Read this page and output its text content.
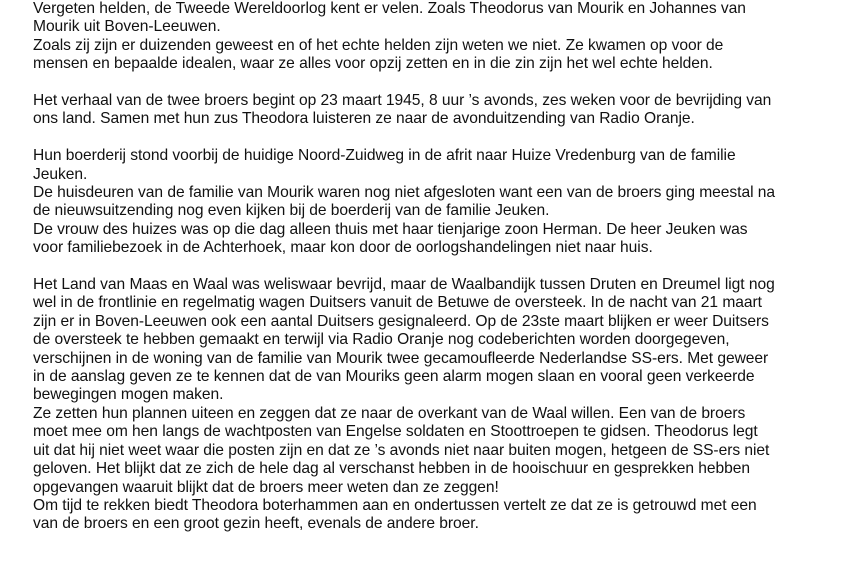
Vergeten helden, de Tweede Wereldoorlog kent er velen. Zoals Theodorus van Mourik en Johannes van
Mourik uit Boven-Leeuwen.
Zoals zij zijn er duizenden geweest en of het echte helden zijn weten we niet. Ze kwamen op voor de
mensen en bepaalde idealen, waar ze alles voor opzij zetten en in die zin zijn het wel echte helden.
Het verhaal van de twee broers begint op 23 maart 1945, 8 uur ’s avonds, zes weken voor de bevrijding van
ons land. Samen met hun zus Theodora luisteren ze naar de avonduitzending van Radio Oranje.
Hun boerderij stond voorbij de huidige Noord-Zuidweg in de afrit naar Huize Vredenburg van de familie
Jeuken.
De huisdeuren van de familie van Mourik waren nog niet afgesloten want een van de broers ging meestal na
de nieuwsuitzending nog even kijken bij de boerderij van de familie Jeuken.
De vrouw des huizes was op die dag alleen thuis met haar tienjarige zoon Herman. De heer Jeuken was
voor familiebezoek in de Achterhoek, maar kon door de oorlogshandelingen niet naar huis.
Het Land van Maas en Waal was weliswaar bevrijd, maar de Waalbandijk tussen Druten en Dreumel ligt nog
wel in de frontlinie en regelmatig wagen Duitsers vanuit de Betuwe de oversteek. In de nacht van 21 maart
zijn er in Boven-Leeuwen ook een aantal Duitsers gesignaleerd. Op de 23ste maart blijken er weer Duitsers
de oversteek te hebben gemaakt en terwijl via Radio Oranje nog codeberichten worden doorgegeven,
verschijnen in de woning van de familie van Mourik twee gecamoufleerde Nederlandse SS-ers. Met geweer
in de aanslag geven ze te kennen dat de van Mouriks geen alarm mogen slaan en vooral geen verkeerde
bewegingen mogen maken.
Ze zetten hun plannen uiteen en zeggen dat ze naar de overkant van de Waal willen. Een van de broers
moet mee om hen langs de wachtposten van Engelse soldaten en Stoottroepen te gidsen. Theodorus legt
uit dat hij niet weet waar die posten zijn en dat ze ’s avonds niet naar buiten mogen, hetgeen de SS-ers niet
geloven. Het blijkt dat ze zich de hele dag al verschanst hebben in de hooischuur en gesprekken hebben
opgevangen waaruit blijkt dat de broers meer weten dan ze zeggen!
Om tijd te rekken biedt Theodora boterhammen aan en ondertussen vertelt ze dat ze is getrouwd met een
van de broers en een groot gezin heeft, evenals de andere broer.
